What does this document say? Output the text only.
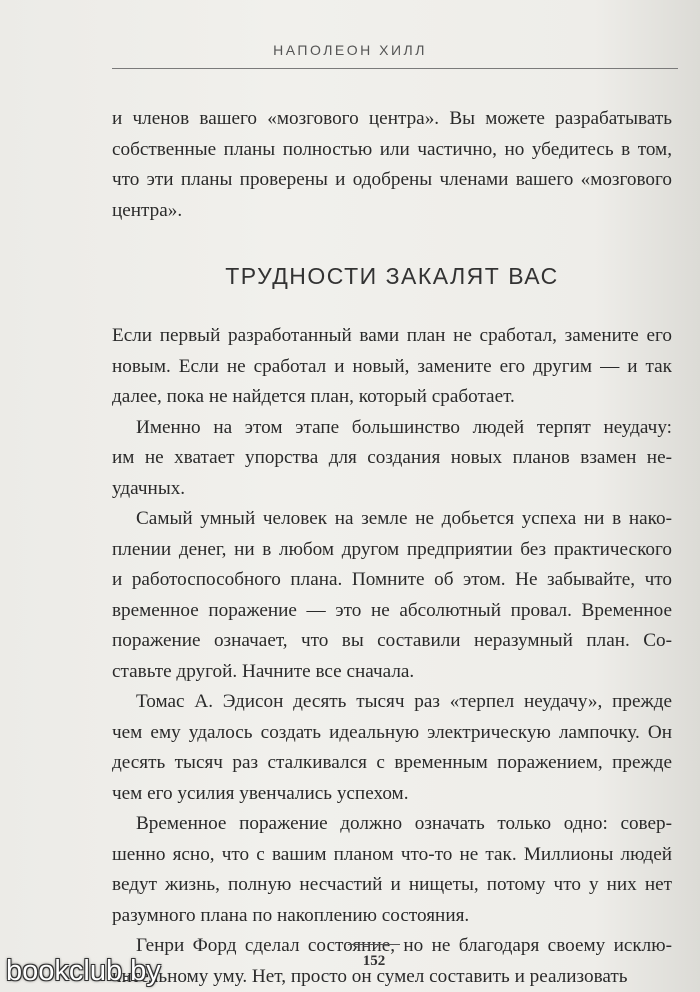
НАПОЛЕОН ХИЛЛ
и членов вашего «мозгового центра». Вы можете разрабатывать
собственные планы полностью или частично, но убедитесь в том,
что эти планы проверены и одобрены членами вашего «мозгового
центра».
ТРУДНОСТИ ЗАКАЛЯТ ВАС
Если первый разработанный вами план не сработал, замените его
новым. Если не сработал и новый, замените его другим — и так
далее, пока не найдется план, который сработает.
Именно на этом этапе большинство людей терпят неудачу:
им не хватает упорства для создания новых планов взамен не-
удачных.
Самый умный человек на земле не добьется успеха ни в нако-
плении денег, ни в любом другом предприятии без практического
и работоспособного плана. Помните об этом. Не забывайте, что
временное поражение — это не абсолютный провал. Временное
поражение означает, что вы составили неразумный план. Со-
ставьте другой. Начните все сначала.
Томас А. Эдисон десять тысяч раз «терпел неудачу», прежде
чем ему удалось создать идеальную электрическую лампочку. Он
десять тысяч раз сталкивался с временным поражением, прежде
чем его усилия увенчались успехом.
Временное поражение должно означать только одно: совер-
шенно ясно, что с вашим планом что-то не так. Миллионы людей
ведут жизнь, полную несчастий и нищеты, потому что у них нет
разумного плана по накоплению состояния.
Генри Форд сделал состояние, но не благодаря своему исклю-
чительному уму. Нет, просто он сумел составить и реализовать
152
bookclub.by
